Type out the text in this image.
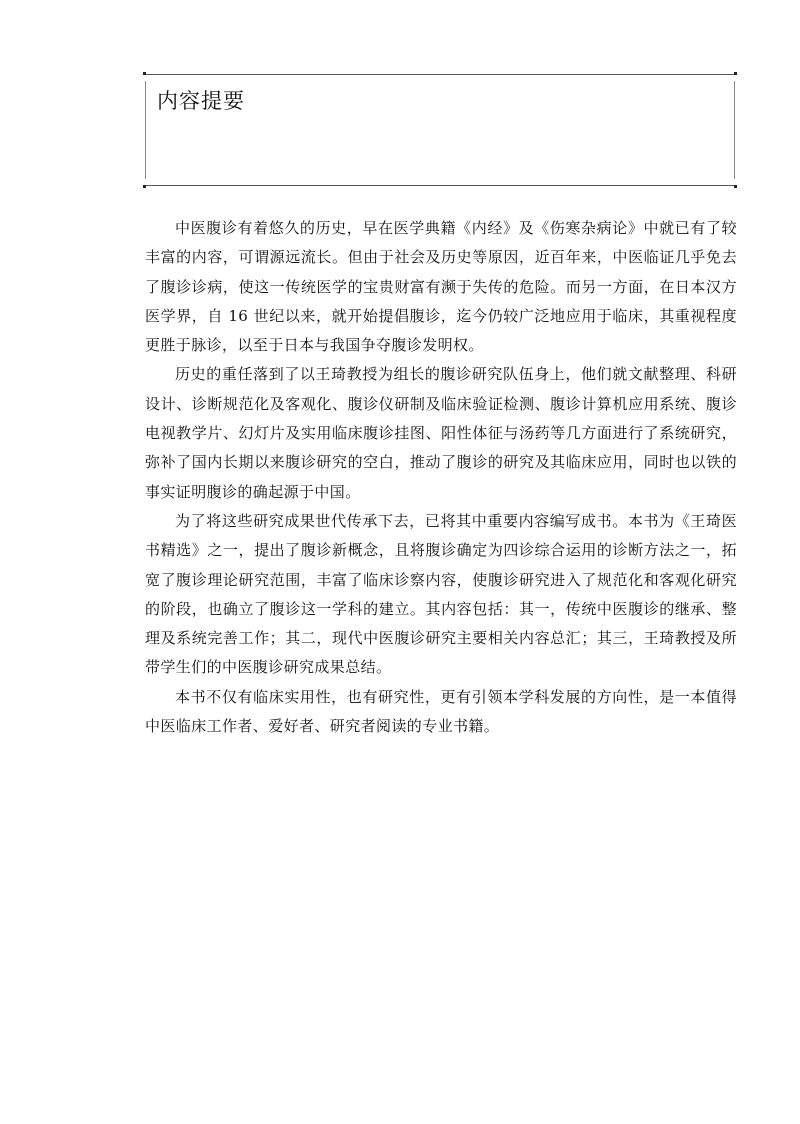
内容提要

中医腹诊有着悠久的历史，早在医学典籍《内经》及《伤寒杂病论》中就已有了较丰富的内容，可谓源远流长。但由于社会及历史等原因，近百年来，中医临证几乎免去了腹诊诊病，使这一传统医学的宝贵财富有濒于失传的危险。而另一方面，在日本汉方医学界，自 16 世纪以来，就开始提倡腹诊，迄今仍较广泛地应用于临床，其重视程度更胜于脉诊，以至于日本与我国争夺腹诊发明权。

历史的重任落到了以王琦教授为组长的腹诊研究队伍身上，他们就文献整理、科研设计、诊断规范化及客观化、腹诊仪研制及临床验证检测、腹诊计算机应用系统、腹诊电视教学片、幻灯片及实用临床腹诊挂图、阳性体征与汤药等几方面进行了系统研究，弥补了国内长期以来腹诊研究的空白，推动了腹诊的研究及其临床应用，同时也以铁的事实证明腹诊的确起源于中国。

为了将这些研究成果世代传承下去，已将其中重要内容编写成书。本书为《王琦医书精选》之一，提出了腹诊新概念，且将腹诊确定为四诊综合运用的诊断方法之一，拓宽了腹诊理论研究范围，丰富了临床诊察内容，使腹诊研究进入了规范化和客观化研究的阶段，也确立了腹诊这一学科的建立。其内容包括：其一，传统中医腹诊的继承、整理及系统完善工作；其二，现代中医腹诊研究主要相关内容总汇；其三，王琦教授及所带学生们的中医腹诊研究成果总结。

本书不仅有临床实用性，也有研究性，更有引领本学科发展的方向性，是一本值得中医临床工作者、爱好者、研究者阅读的专业书籍。
